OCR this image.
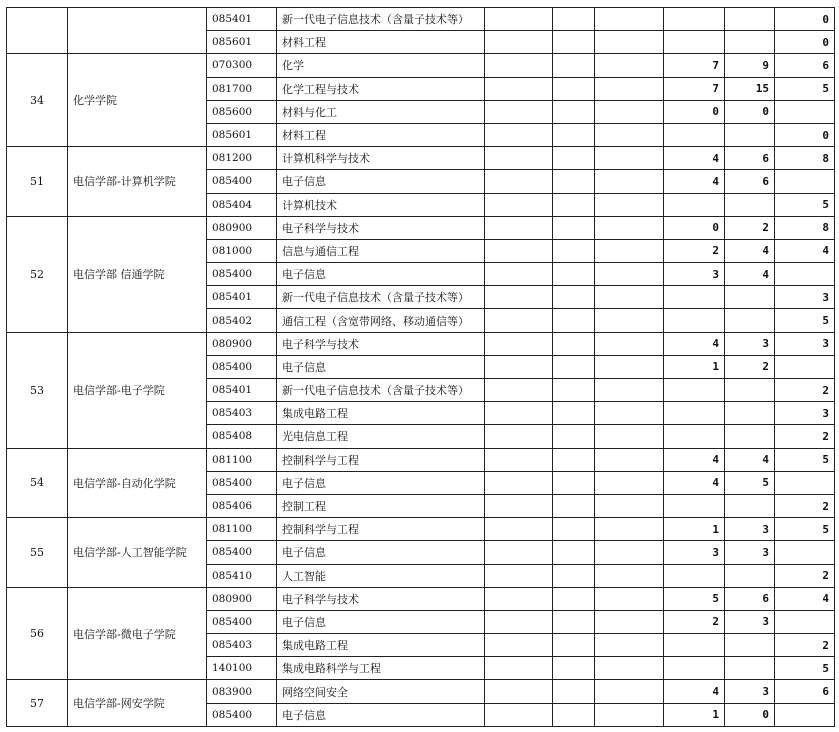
		085401	新一代电子信息技术（含量子技术等）						0
		085601	材料工程						0
34	化学学院	070300	化学				7	9	6
		081700	化学工程与技术				7	15	5
		085600	材料与化工				0	0	
		085601	材料工程						0
51	电信学部-计算机学院	081200	计算机科学与技术				4	6	8
		085400	电子信息				4	6	
		085404	计算机技术						5
52	电信学部 信通学院	080900	电子科学与技术				0	2	8
		081000	信息与通信工程				2	4	4
		085400	电子信息				3	4	
		085401	新一代电子信息技术（含量子技术等）						3
		085402	通信工程（含宽带网络、移动通信等）						5
53	电信学部-电子学院	080900	电子科学与技术				4	3	3
		085400	电子信息				1	2	
		085401	新一代电子信息技术（含量子技术等）						2
		085403	集成电路工程						3
		085408	光电信息工程						2
54	电信学部-自动化学院	081100	控制科学与工程				4	4	5
		085400	电子信息				4	5	
		085406	控制工程						2
55	电信学部-人工智能学院	081100	控制科学与工程				1	3	5
		085400	电子信息				3	3	
		085410	人工智能						2
56	电信学部-微电子学院	080900	电子科学与技术				5	6	4
		085400	电子信息				2	3	
		085403	集成电路工程						2
		140100	集成电路科学与工程						5
57	电信学部-网安学院	083900	网络空间安全				4	3	6
		085400	电子信息				1	0	
